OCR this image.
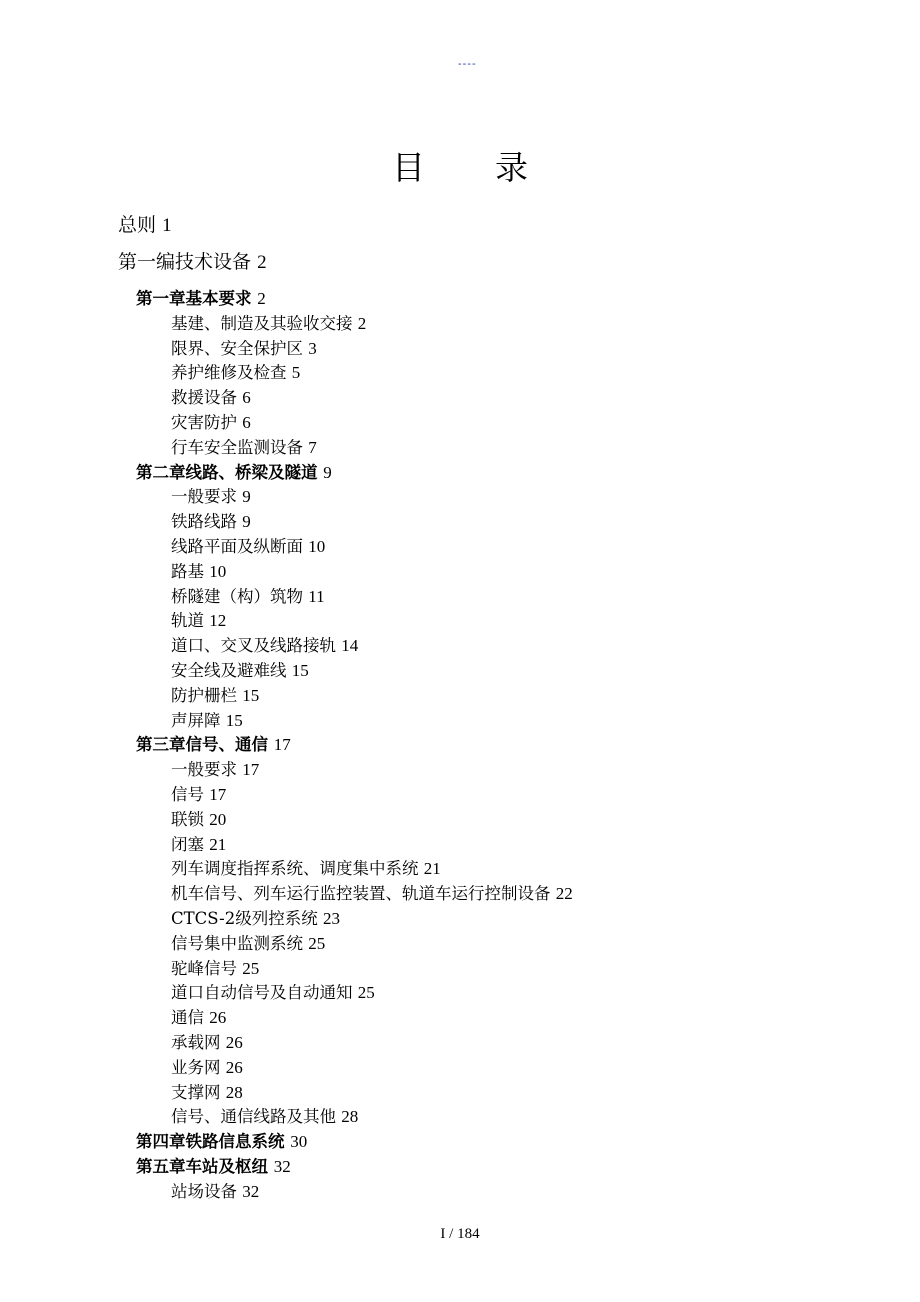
----
目 录
总则 1
第一编技术设备 2
第一章基本要求 2
基建、制造及其验收交接 2
限界、安全保护区 3
养护维修及检查 5
救援设备 6
灾害防护 6
行车安全监测设备 7
第二章线路、桥梁及隧道 9
一般要求 9
铁路线路 9
线路平面及纵断面 10
路基 10
桥隧建（构）筑物 11
轨道 12
道口、交叉及线路接轨 14
安全线及避难线 15
防护栅栏 15
声屏障 15
第三章信号、通信 17
一般要求 17
信号 17
联锁 20
闭塞 21
列车调度指挥系统、调度集中系统 21
机车信号、列车运行监控装置、轨道车运行控制设备 22
CTCS-2级列控系统 23
信号集中监测系统 25
驼峰信号 25
道口自动信号及自动通知 25
通信 26
承载网 26
业务网 26
支撑网 28
信号、通信线路及其他 28
第四章铁路信息系统 30
第五章车站及枢纽 32
站场设备 32
I / 184
